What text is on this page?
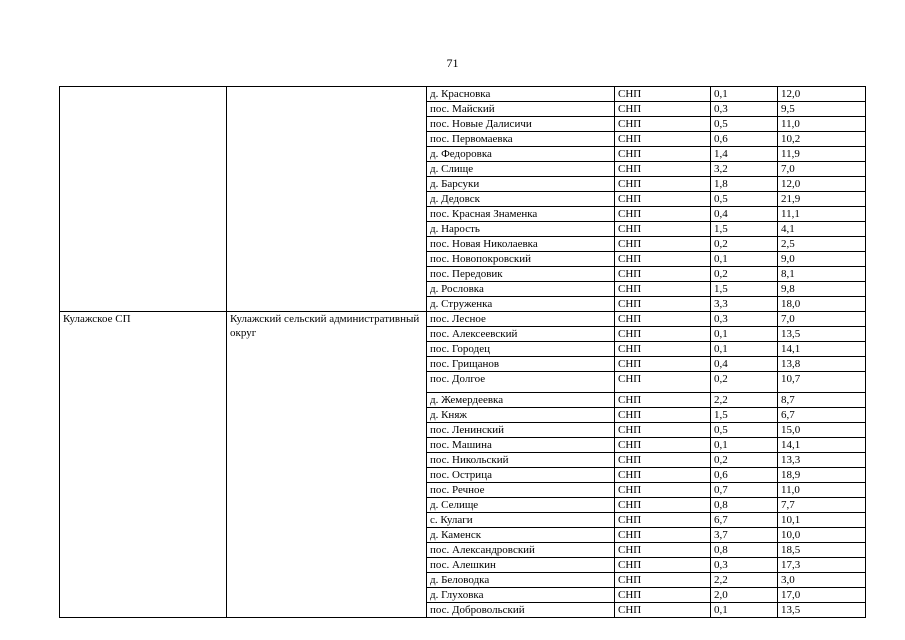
71
		д. Красновка	СНП	0,1	12,0
		пос. Майский	СНП	0,3	9,5
		пос. Новые Далисичи	СНП	0,5	11,0
		пос. Первомаевка	СНП	0,6	10,2
		д. Федоровка	СНП	1,4	11,9
		д. Слище	СНП	3,2	7,0
		д. Барсуки	СНП	1,8	12,0
		д. Дедовск	СНП	0,5	21,9
		пос. Красная Знаменка	СНП	0,4	11,1
		д. Нарость	СНП	1,5	4,1
		пос. Новая Николаевка	СНП	0,2	2,5
		пос. Новопокровский	СНП	0,1	9,0
		пос. Передовик	СНП	0,2	8,1
		д. Рословка	СНП	1,5	9,8
		д. Струженка	СНП	3,3	18,0
Кулажское СП	Кулажский сельский административный округ	пос. Лесное	СНП	0,3	7,0
		пос. Алексеевский	СНП	0,1	13,5
		пос. Городец	СНП	0,1	14,1
		пос. Грищанов	СНП	0,4	13,8
		пос. Долгое	СНП	0,2	10,7
		д. Жемердеевка	СНП	2,2	8,7
		д. Княж	СНП	1,5	6,7
		пос. Ленинский	СНП	0,5	15,0
		пос. Машина	СНП	0,1	14,1
		пос. Никольский	СНП	0,2	13,3
		пос. Острица	СНП	0,6	18,9
		пос. Речное	СНП	0,7	11,0
		д. Селище	СНП	0,8	7,7
		с. Кулаги	СНП	6,7	10,1
		д. Каменск	СНП	3,7	10,0
		пос. Александровский	СНП	0,8	18,5
		пос. Алешкин	СНП	0,3	17,3
		д. Беловодка	СНП	2,2	3,0
		д. Глуховка	СНП	2,0	17,0
		пос. Добровольский	СНП	0,1	13,5
